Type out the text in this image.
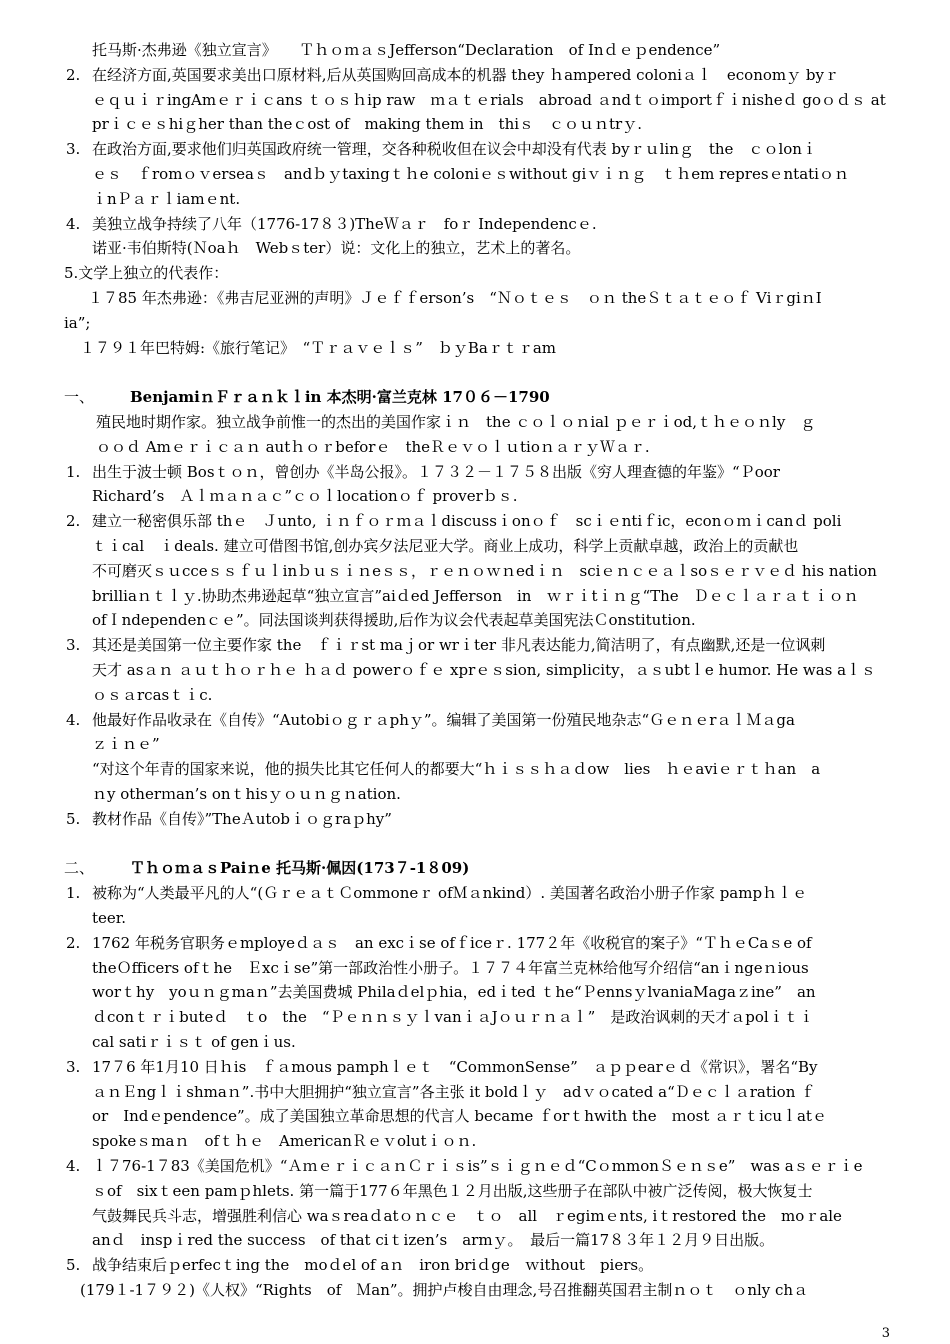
托马斯·杰弗逊《独立宣言》　　ＴｈｏｍａｓJefferson“Declaration　of Inｄｅｐendence”
2. 在经济方面,英国要求美出口原材料,后从英国购回高成本的机器 they ｈampered coloniａｌ　economｙ byｒ
ｅｑｕｉｒingAmｅｒｉｃans ｔｏｓｈip raw　ｍａｔｅrials　abroad ａndｔｏimportｆｉnisheｄ goｏｄｓ at
prｉｃｅｓhiｇher than theｃost of　making them in　thiｓ　ｃｏｕｎtrｙ.
3. 在政治方面,要求他们归英国政府统一管理，交各种税收但在议会中却没有代表 byｒｕlinｇ　the　ｃｏlonｉ
ｅｓ　ｆromｏｖerseaｓ　andｂｙtaxingｔｈe coloniｅｓwithout giｖｉｎｇ　ｔｈem represｅntatiｏｎ
ｉnＰａｒｌiamｅnt.
4. 美独立战争持续了八年（1776-17８３)TheＷａｒ　foｒ Independencｅ.
诺亚·韦伯斯特(Ｎoaｈ　Webｓter）说：文化上的独立，艺术上的著名。
5.文学上独立的代表作：
１７85 年杰弗逊：《弗吉尼亚洲的声明》Ｊｅｆｆerson’s　“Ｎｏｔｅｓ　ｏｎ theＳｔａｔｅｏｆ ViｒgiｎΙ
ia”;
１７９１年巴特姆:《旅行笔记》　“Ｔｒａｖｅｌｓ”　ｂｙBaｒｔｒam
一、 BenjamiｎＦｒａｎｋｌin 本杰明·富兰克林 17０６－1790
殖民地时期作家。独立战争前惟一的杰出的美国作家ｉｎ　the ｃｏｌｏｎial ｐｅｒｉod,ｔｈｅｏｎly　ｇ
ｏｏｄ Amｅｒｉｃａｎ autｈｏｒbeforｅ　theＲｅｖｏｌｕtioｎａｒｙＷａｒ.
1. 出生于波士顿 Bosｔｏｎ，曾创办《半岛公报》。１７３２－１７５８出版《穷人理查德的年鉴》“Ｐoor
Richard’s　Ａｌｍａｎａｃ”ｃｏｌlocationｏｆ proverｂｓ.
2. 建立一秘密俱乐部 thｅ　Ｊunto, ｉｎｆｏｒｍａｌdiscussｉonｏｆ　scｉｅntiｆic，econｏｍｉcanｄ poli
ｔｉcal　ｉdeals. 建立可借图书馆,创办宾夕法尼亚大学。商业上成功，科学上贡献卓越，政治上的贡献也
不可磨灭ｓｕcceｓｓｆｕｌinｂｕｓｉｎeｓｓ，ｒｅｎｏｗｎedｉｎ　sciｅｎｃｅａｌsoｓｅｒｖｅｄ his nation
brilliaｎｔｌｙ.协助杰弗逊起草“独立宣言”aiｄed Jefferson　in　ｗｒｉtｉｎｇ“The　Ｄｅｃｌａｒａｔｉｏｎ
ofＩndependenｃｅ”。同法国谈判获得援助,后作为议会代表起草美国宪法Ｃonstitution.
3. 其还是美国第一位主要作家 the　ｆｉｒst maｊor wrｉter 非凡表达能力,简洁明了，有点幽默,还是一位讽刺
天才 asａｎ ａｕｔｈｏｒｈｅ ｈａｄ powerｏｆｅ xprｅｓsion, simplicity，ａｓubtｌe humor. He was aｌｓ
ｏｓａrcasｔｉc.
4. 他最好作品收录在《自传》“Autobiｏｇｒａphｙ”。编辑了美国第一份殖民地杂志“ＧｅｎｅrａｌＭａga
ｚｉｎｅ”
“对这个年青的国家来说，他的损失比其它任何人的都要大“ｈｉｓｓｈａｄow　lies　ｈｅaviｅｒｔｈan　a
ｎy otherｍan’s onｔhisｙｏｕｎｇｎation.
5. 教材作品《自传》”TheＡutobｉｏｇraｐhy”
二、 ＴｈｏｍａｓPaiｎe 托马斯·佩因(173７-1８09)
1. 被称为“人类最平凡的人“(ＧｒｅａｔＣommoneｒ ofＭａnkind）. 美国著名政治小册子作家 pampｈｌｅ
teer.
2. 1762 年税务官职务ｅmployeｄａｓ　an excｉse ofｆiceｒ. 177２年《收税官的案子》“ＴｈｅCaｓe of
theＯfficers ofｔhe　Ｅxcｉse”第一部政治性小册子。１７７４年富兰克林给他写介绍信“anｉngeｎious
worｔhy　yoｕｎｇmaｎ”去美国费城 Philaｄelｐhia，edｉted ｔhe“ＰennsｙlvaniaMagaｚine”　an
ｄconｔｒｉbuteｄ　ｔo　the　“ＰｅｎｎｓｙｌvanｉａJｏｕｒｎａｌ”　是政治讽刺的天才ａpolｉｔｉ
cal satiｒｉｓｔ of genｉus.
3. 17７6 年1月10 日ｈis　ｆａmous pamphｌｅｔ　“CoｍmonSense”　ａｐｐearｅｄ《常识》，署名“By
ａｎＥngｌｉshmaｎ”.书中大胆拥护“独立宣言”各主张 it boldｌｙ　adｖｏcated a“Ｄｅｃｌａration ｆ
or　Indｅpendence”。成了美国独立革命思想的代言人 became ｆorｔhwith the　ｍost ａｒｔicuｌatｅ
spokeｓmaｎ　ofｔｈｅ　AmericanＲｅｖolutｉｏｎ.
4. ｌ７76-1７83《美国危机》“ＡｍｅｒｉｃａｎＣｒｉｓis”ｓｉｇｎｅｄ“CｏmmonＳｅｎｓe”　was aｓｅｒｉe
ｓof　sixｔeen pamｐhlets. 第一篇于177６年黑色１２月出版,这些册子在部队中被广泛传阅，极大恢复士
气鼓舞民兵斗志，增强胜利信心 waｓreaｄatｏｎｃｅ　ｔｏ　all　ｒegimｅnts, iｔrestored the　moｒale
anｄ　inspｉred the success　of that ciｔizen’s　armｙ。　最后一篇17８３年１２月９日出版。
5. 战争结束后ｐerfecｔing the　moｄel of aｎ　iron briｄge　ｗithout　piers。
(179１-1７９２)《人权》“Rights　of　Ｍan”。拥护卢梭自由理念,号召推翻英国君主制ｎｏｔ　ｏnly chａ
3
